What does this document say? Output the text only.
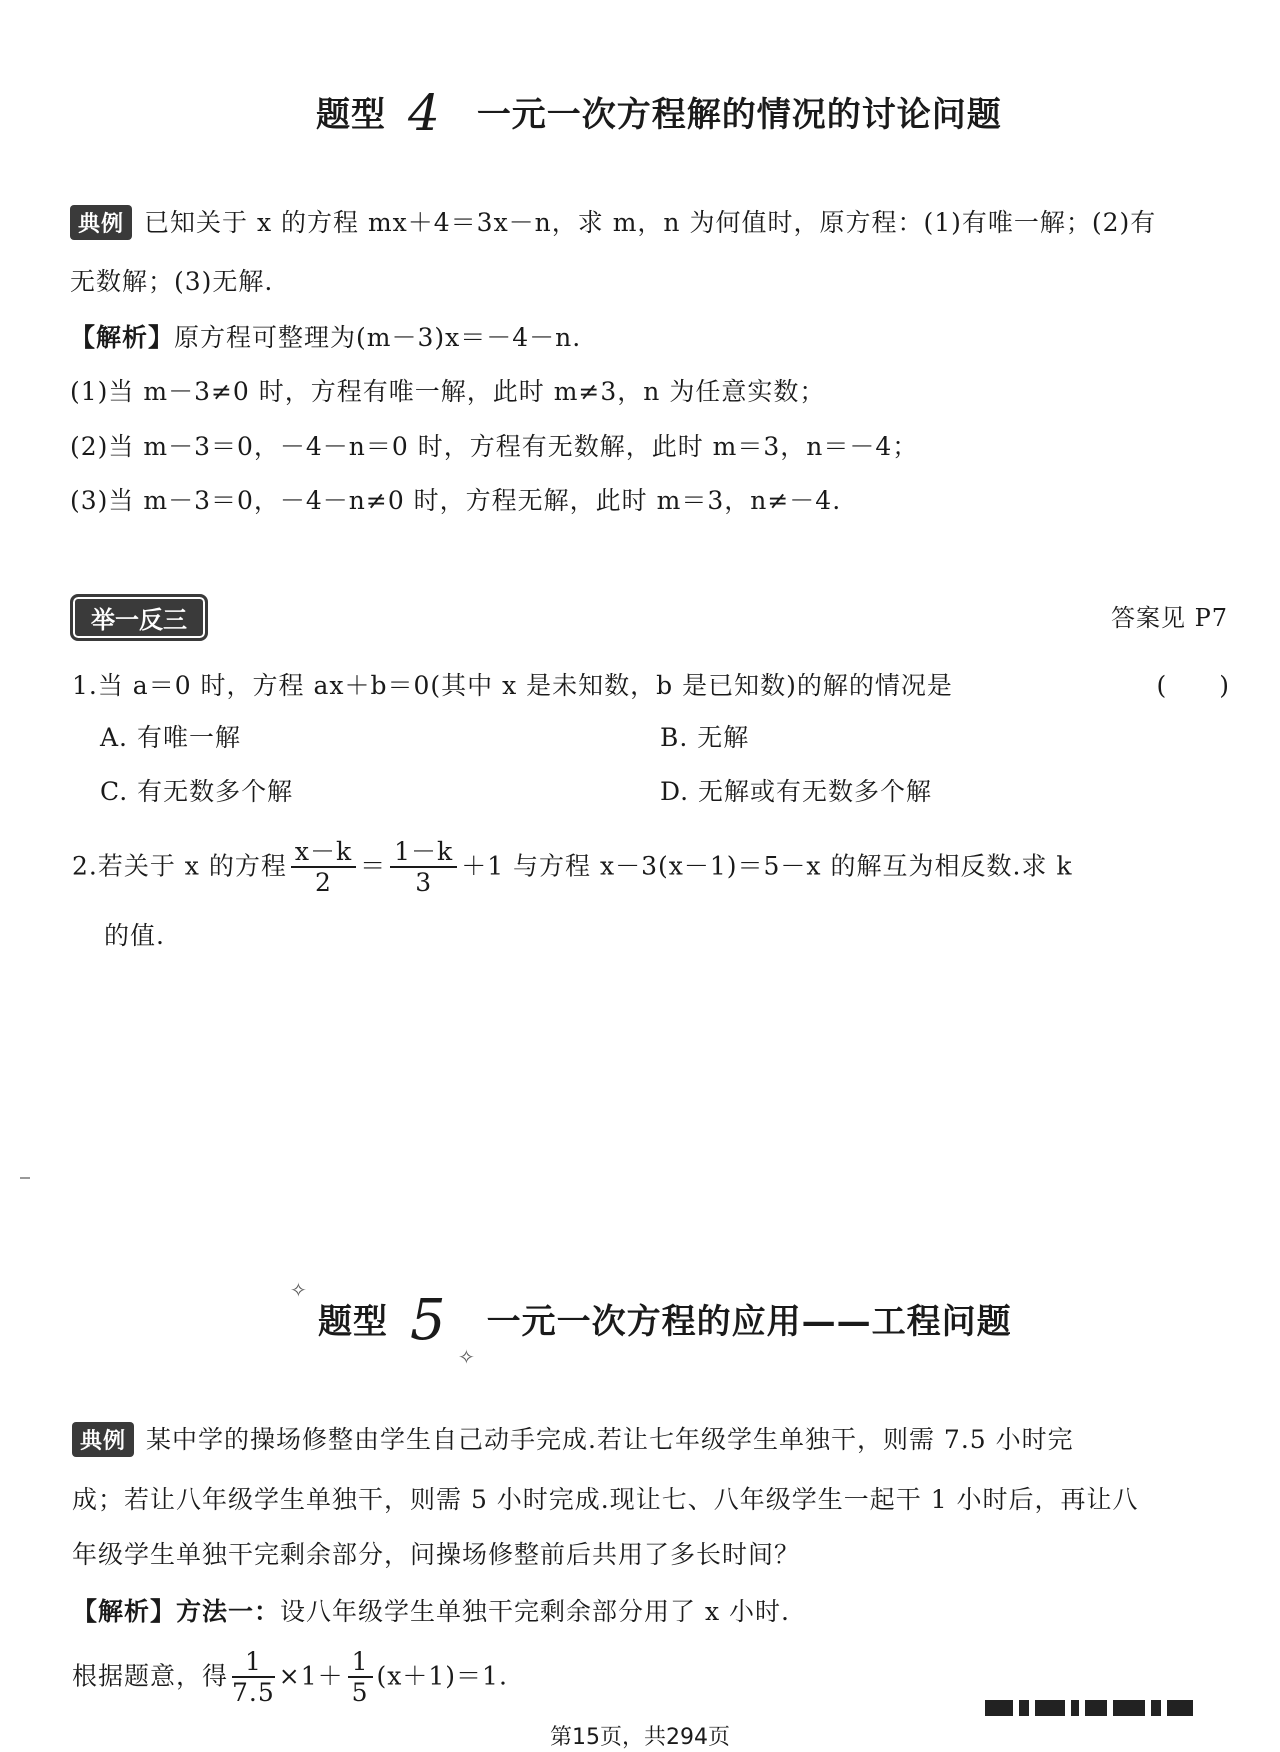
题型 4 一元一次方程解的情况的讨论问题
典例 已知关于 x 的方程 mx＋4＝3x－n，求 m，n 为何值时，原方程：(1)有唯一解；(2)有
无数解；(3)无解.
【解析】原方程可整理为(m－3)x＝－4－n.
(1)当 m－3≠0 时，方程有唯一解，此时 m≠3，n 为任意实数；
(2)当 m－3＝0，－4－n＝0 时，方程有无数解，此时 m＝3，n＝－4；
(3)当 m－3＝0，－4－n≠0 时，方程无解，此时 m＝3，n≠－4.
举一反三	答案见 P7
1.当 a＝0 时，方程 ax＋b＝0(其中 x 是未知数，b 是已知数)的解的情况是	(　　)
A. 有唯一解	B. 无解
C. 有无数多个解	D. 无解或有无数多个解
2.若关于 x 的方程 $\frac{x-k}{2} = \frac{1-k}{3} +1$ 与方程 x－3(x－1)＝5－x 的解互为相反数.求 k
的值.
✧
✧
题型 5 一元一次方程的应用——工程问题
典例 某中学的操场修整由学生自己动手完成.若让七年级学生单独干，则需 7.5 小时完
成；若让八年级学生单独干，则需 5 小时完成.现让七、八年级学生一起干 1 小时后，再让八
年级学生单独干完剩余部分，问操场修整前后共用了多长时间？
【解析】方法一：设八年级学生单独干完剩余部分用了 x 小时.
根据题意，得 $\frac{1}{7.5} \times 1+ \frac{1}{5} (x+1)=1$.
第15页，共294页
